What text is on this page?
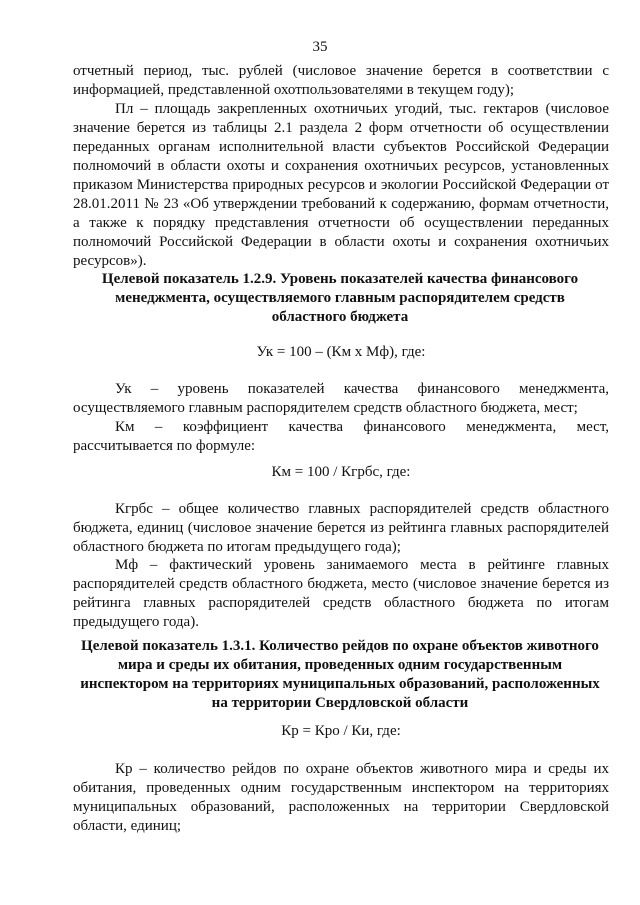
35

отчетный период, тыс. рублей (числовое значение берется в соответствии с информацией, представленной охотпользователями в текущем году);

Пл – площадь закрепленных охотничьих угодий, тыс. гектаров (числовое значение берется из таблицы 2.1 раздела 2 форм отчетности об осуществлении переданных органам исполнительной власти субъектов Российской Федерации полномочий в области охоты и сохранения охотничьих ресурсов, установленных приказом Министерства природных ресурсов и экологии Российской Федерации от 28.01.2011 № 23 «Об утверждении требований к содержанию, формам отчетности, а также к порядку представления отчетности об осуществлении переданных полномочий Российской Федерации в области охоты и сохранения охотничьих ресурсов»).

Целевой показатель 1.2.9. Уровень показателей качества финансового менеджмента, осуществляемого главным распорядителем средств областного бюджета

Ук = 100 – (Км х Мф), где:

Ук – уровень показателей качества финансового менеджмента, осуществляемого главным распорядителем средств областного бюджета, мест;

Км – коэффициент качества финансового менеджмента, мест, рассчитывается по формуле:

Км = 100 / Кгрбс, где:

Кгрбс – общее количество главных распорядителей средств областного бюджета, единиц (числовое значение берется из рейтинга главных распорядителей областного бюджета по итогам предыдущего года);

Мф – фактический уровень занимаемого места в рейтинге главных распорядителей средств областного бюджета, место (числовое значение берется из рейтинга главных распорядителей средств областного бюджета по итогам предыдущего года).

Целевой показатель 1.3.1. Количество рейдов по охране объектов животного мира и среды их обитания, проведенных одним государственным инспектором на территориях муниципальных образований, расположенных на территории Свердловской области

Кр = Кро / Ки, где:

Кр – количество рейдов по охране объектов животного мира и среды их обитания, проведенных одним государственным инспектором на территориях муниципальных образований, расположенных на территории Свердловской области, единиц;
